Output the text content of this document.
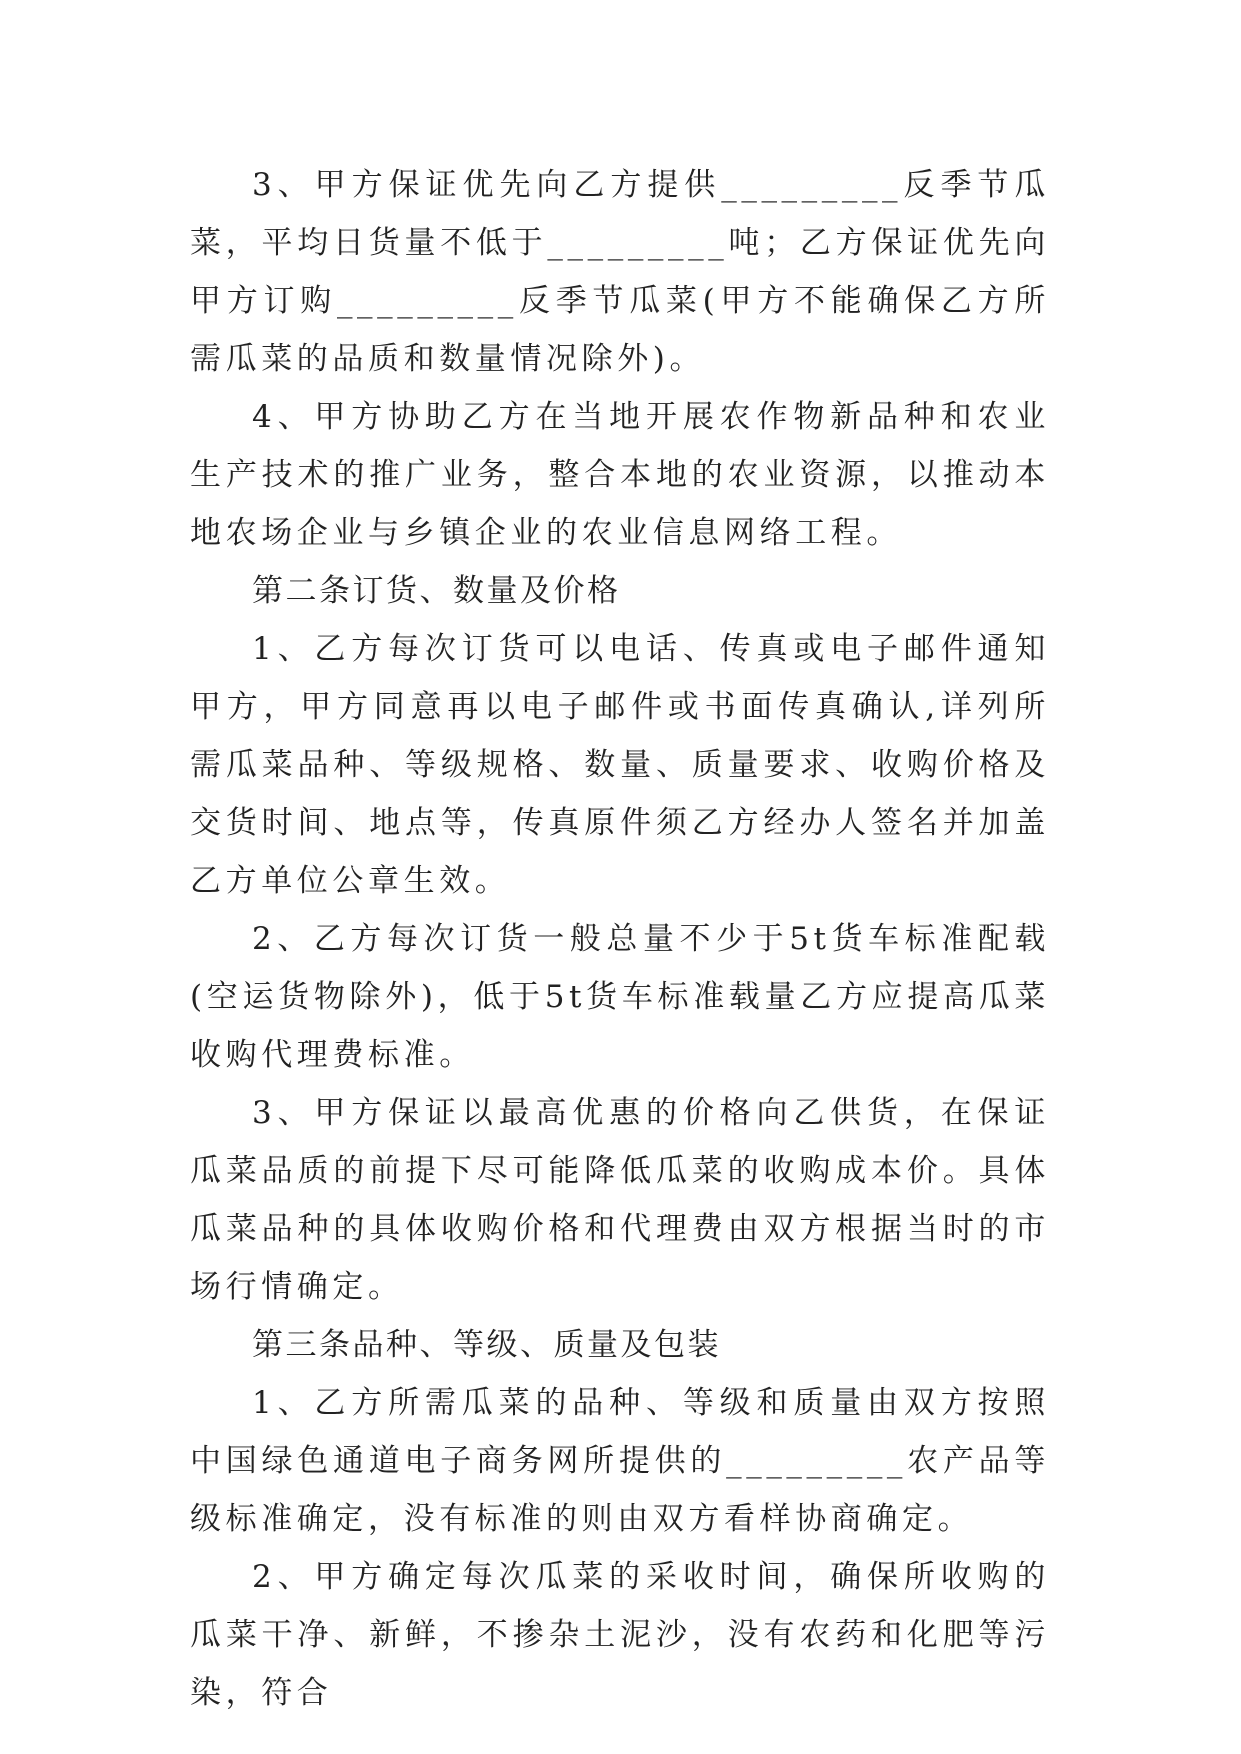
3、甲方保证优先向乙方提供_________反季节瓜菜，平均日货量不低于_________吨；乙方保证优先向甲方订购_________反季节瓜菜(甲方不能确保乙方所需瓜菜的品质和数量情况除外)。

4、甲方协助乙方在当地开展农作物新品种和农业生产技术的推广业务，整合本地的农业资源，以推动本地农场企业与乡镇企业的农业信息网络工程。

第二条订货、数量及价格

1、乙方每次订货可以电话、传真或电子邮件通知甲方，甲方同意再以电子邮件或书面传真确认,详列所需瓜菜品种、等级规格、数量、质量要求、收购价格及交货时间、地点等，传真原件须乙方经办人签名并加盖乙方单位公章生效。

2、乙方每次订货一般总量不少于5t货车标准配载(空运货物除外)，低于5t货车标准载量乙方应提高瓜菜收购代理费标准。

3、甲方保证以最高优惠的价格向乙供货，在保证瓜菜品质的前提下尽可能降低瓜菜的收购成本价。具体瓜菜品种的具体收购价格和代理费由双方根据当时的市场行情确定。

第三条品种、等级、质量及包装

1、乙方所需瓜菜的品种、等级和质量由双方按照中国绿色通道电子商务网所提供的_________农产品等级标准确定，没有标准的则由双方看样协商确定。

2、甲方确定每次瓜菜的采收时间，确保所收购的瓜菜干净、新鲜，不掺杂土泥沙，没有农药和化肥等污染，符合
